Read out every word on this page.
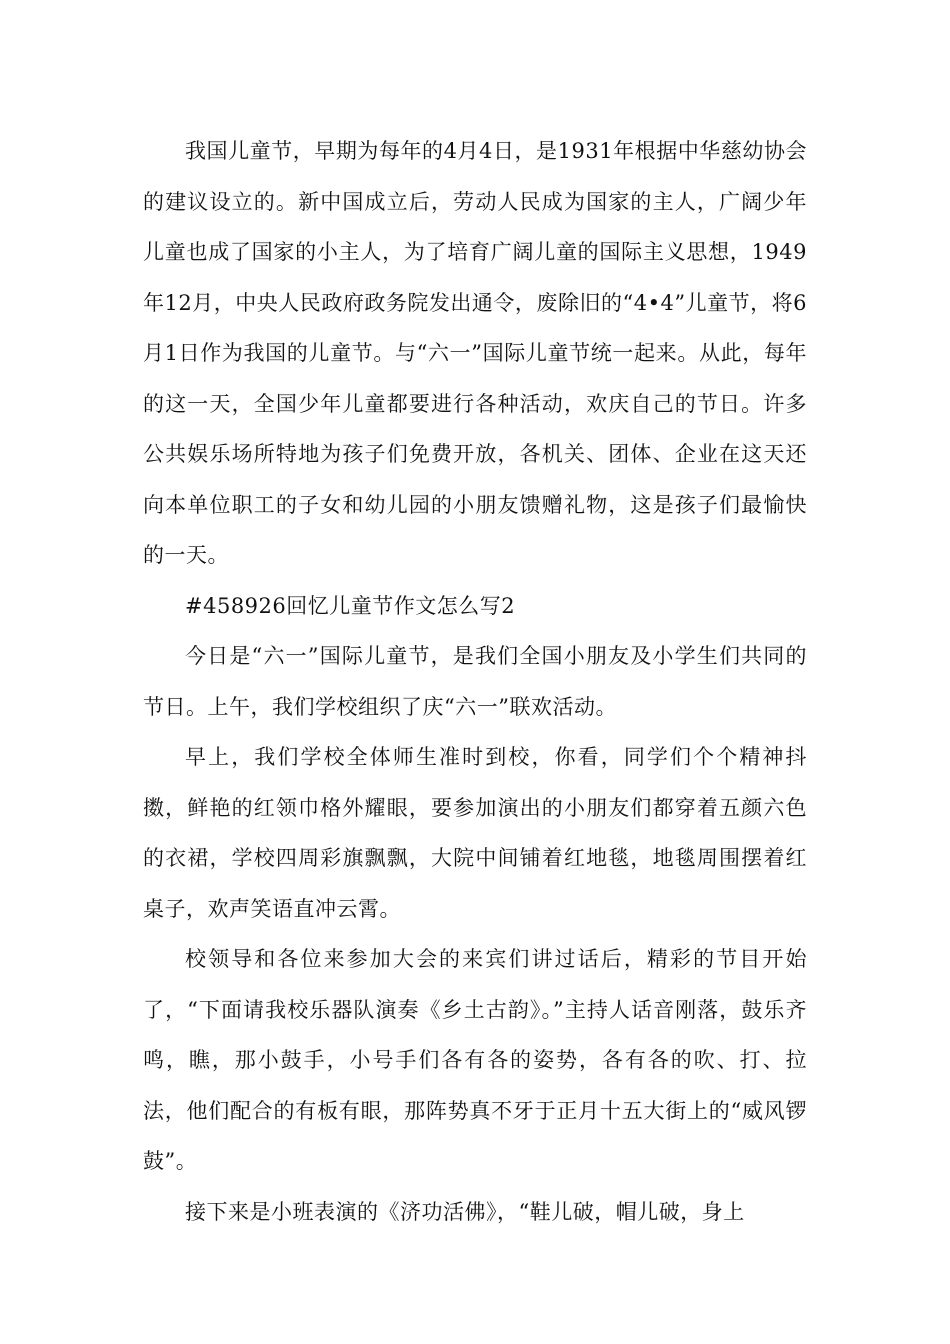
我国儿童节，早期为每年的4月4日，是1931年根据中华慈幼协会的建议设立的。新中国成立后，劳动人民成为国家的主人，广阔少年儿童也成了国家的小主人，为了培育广阔儿童的国际主义思想，1949年12月，中央人民政府政务院发出通令，废除旧的“4•4”儿童节，将6月1日作为我国的儿童节。与“六一”国际儿童节统一起来。从此，每年的这一天，全国少年儿童都要进行各种活动，欢庆自己的节日。许多公共娱乐场所特地为孩子们免费开放，各机关、团体、企业在这天还向本单位职工的子女和幼儿园的小朋友馈赠礼物，这是孩子们最愉快的一天。

#458926回忆儿童节作文怎么写2

今日是“六一”国际儿童节，是我们全国小朋友及小学生们共同的节日。上午，我们学校组织了庆“六一”联欢活动。

早上，我们学校全体师生准时到校，你看，同学们个个精神抖擞，鲜艳的红领巾格外耀眼，要参加演出的小朋友们都穿着五颜六色的衣裙，学校四周彩旗飘飘，大院中间铺着红地毯，地毯周围摆着红桌子，欢声笑语直冲云霄。

校领导和各位来参加大会的来宾们讲过话后，精彩的节目开始了，“下面请我校乐器队演奏《乡土古韵》。”主持人话音刚落，鼓乐齐鸣，瞧，那小鼓手，小号手们各有各的姿势，各有各的吹、打、拉法，他们配合的有板有眼，那阵势真不牙于正月十五大街上的“威风锣鼓”。

接下来是小班表演的《济功活佛》，“鞋儿破，帽儿破，身上
